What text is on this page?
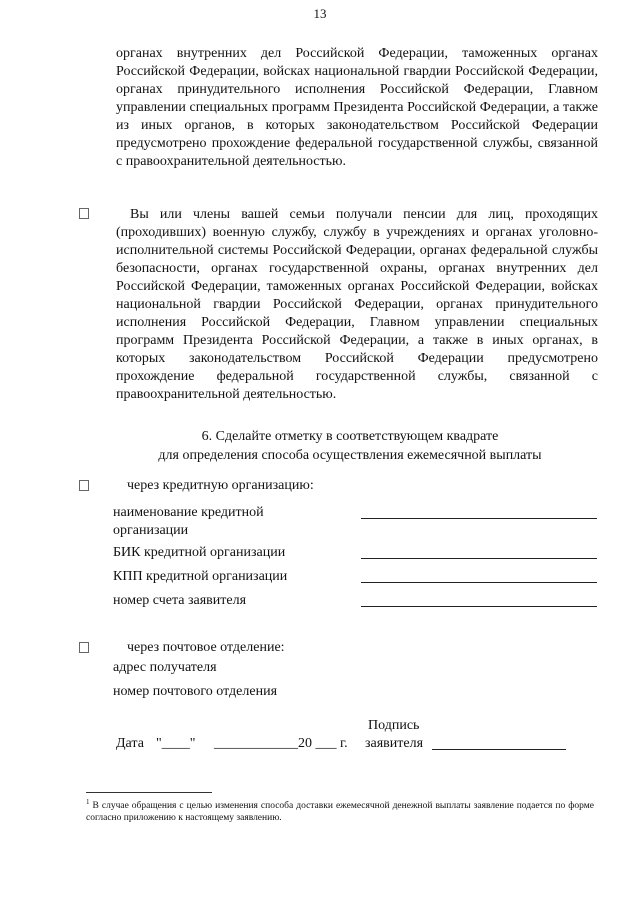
13

органах внутренних дел Российской Федерации, таможенных органах Российской Федерации, войсках национальной гвардии Российской Федерации, органах принудительного исполнения Российской Федерации, Главном управлении специальных программ Президента Российской Федерации, а также из иных органов, в которых законодательством Российской Федерации предусмотрено прохождение федеральной государственной службы, связанной с правоохранительной деятельностью.

Вы или члены вашей семьи получали пенсии для лиц, проходящих (проходивших) военную службу, службу в учреждениях и органах уголовно-исполнительной системы Российской Федерации, органах федеральной службы безопасности, органах государственной охраны, органах внутренних дел Российской Федерации, таможенных органах Российской Федерации, войсках национальной гвардии Российской Федерации, органах принудительного исполнения Российской Федерации, Главном управлении специальных программ Президента Российской Федерации, а также в иных органах, в которых законодательством Российской Федерации предусмотрено прохождение федеральной государственной службы, связанной с правоохранительной деятельностью.

6. Сделайте отметку в соответствующем квадрате
для определения способа осуществления ежемесячной выплаты
через кредитную организацию:
наименование кредитной
организации
БИК кредитной организации
КПП кредитной организации
номер счета заявителя
через почтовое отделение:
адрес получателя
номер почтового отделения
Дата "____" ____________ 20 ___ г.
Подпись
заявителя
$^1$ В случае обращения с целью изменения способа доставки ежемесячной денежной выплаты заявление подается по форме согласно приложению к настоящему заявлению.
